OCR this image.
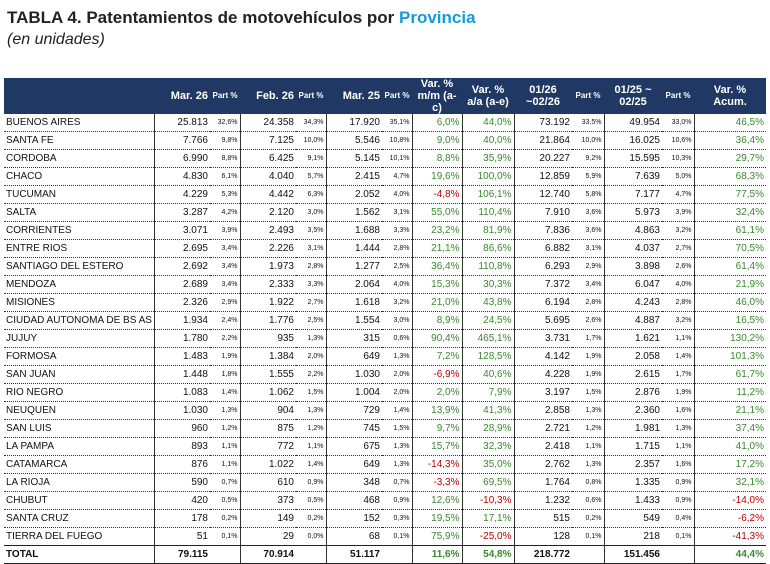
TABLA 4. Patentamientos de motovehículos por Provincia
(en unidades)
	Mar. 26	Part %	Feb. 26	Part %	Mar. 25	Part %	Var. % m/m (a-c)	Var. % a/a (a-e)	01/26 ~02/26	Part %	01/25 ~ 02/25	Part %	Var. % Acum.
BUENOS AIRES	25.813	32,6%	24.358	34,3%	17.920	35,1%	6,0%	44,0%	73.192	33,5%	49.954	33,0%	46,5%
SANTA FE	7.766	9,8%	7.125	10,0%	5.546	10,8%	9,0%	40,0%	21.864	10,0%	16.025	10,6%	36,4%
CORDOBA	6.990	8,8%	6.425	9,1%	5.145	10,1%	8,8%	35,9%	20.227	9,2%	15.595	10,3%	29,7%
CHACO	4.830	6,1%	4.040	5,7%	2.415	4,7%	19,6%	100,0%	12.859	5,9%	7.639	5,0%	68,3%
TUCUMAN	4.229	5,3%	4.442	6,3%	2.052	4,0%	-4,8%	106,1%	12.740	5,8%	7.177	4,7%	77,5%
SALTA	3.287	4,2%	2.120	3,0%	1.562	3,1%	55,0%	110,4%	7.910	3,6%	5.973	3,9%	32,4%
CORRIENTES	3.071	3,9%	2.493	3,5%	1.688	3,3%	23,2%	81,9%	7.836	3,6%	4.863	3,2%	61,1%
ENTRE RIOS	2.695	3,4%	2.226	3,1%	1.444	2,8%	21,1%	86,6%	6.882	3,1%	4.037	2,7%	70,5%
SANTIAGO DEL ESTERO	2.692	3,4%	1.973	2,8%	1.277	2,5%	36,4%	110,8%	6.293	2,9%	3.898	2,6%	61,4%
MENDOZA	2.689	3,4%	2.333	3,3%	2.064	4,0%	15,3%	30,3%	7.372	3,4%	6.047	4,0%	21,9%
MISIONES	2.326	2,9%	1.922	2,7%	1.618	3,2%	21,0%	43,8%	6.194	2,8%	4.243	2,8%	46,0%
CIUDAD AUTONOMA DE BS AS	1.934	2,4%	1.776	2,5%	1.554	3,0%	8,9%	24,5%	5.695	2,6%	4.887	3,2%	16,5%
JUJUY	1.780	2,2%	935	1,3%	315	0,6%	90,4%	465,1%	3.731	1,7%	1.621	1,1%	130,2%
FORMOSA	1.483	1,9%	1.384	2,0%	649	1,3%	7,2%	128,5%	4.142	1,9%	2.058	1,4%	101,3%
SAN JUAN	1.448	1,8%	1.555	2,2%	1.030	2,0%	-6,9%	40,6%	4.228	1,9%	2.615	1,7%	61,7%
RIO NEGRO	1.083	1,4%	1.062	1,5%	1.004	2,0%	2,0%	7,9%	3.197	1,5%	2.876	1,9%	11,2%
NEUQUEN	1.030	1,3%	904	1,3%	729	1,4%	13,9%	41,3%	2.858	1,3%	2.360	1,6%	21,1%
SAN LUIS	960	1,2%	875	1,2%	745	1,5%	9,7%	28,9%	2.721	1,2%	1.981	1,3%	37,4%
LA PAMPA	893	1,1%	772	1,1%	675	1,3%	15,7%	32,3%	2.418	1,1%	1.715	1,1%	41,0%
CATAMARCA	876	1,1%	1.022	1,4%	649	1,3%	-14,3%	35,0%	2.762	1,3%	2.357	1,6%	17,2%
LA RIOJA	590	0,7%	610	0,9%	348	0,7%	-3,3%	69,5%	1.764	0,8%	1.335	0,9%	32,1%
CHUBUT	420	0,5%	373	0,5%	468	0,9%	12,6%	-10,3%	1.232	0,6%	1.433	0,9%	-14,0%
SANTA CRUZ	178	0,2%	149	0,2%	152	0,3%	19,5%	17,1%	515	0,2%	549	0,4%	-6,2%
TIERRA DEL FUEGO	51	0,1%	29	0,0%	68	0,1%	75,9%	-25,0%	128	0,1%	218	0,1%	-41,3%
TOTAL	79.115		70.914		51.117		11,6%	54,8%	218.772		151.456		44,4%
